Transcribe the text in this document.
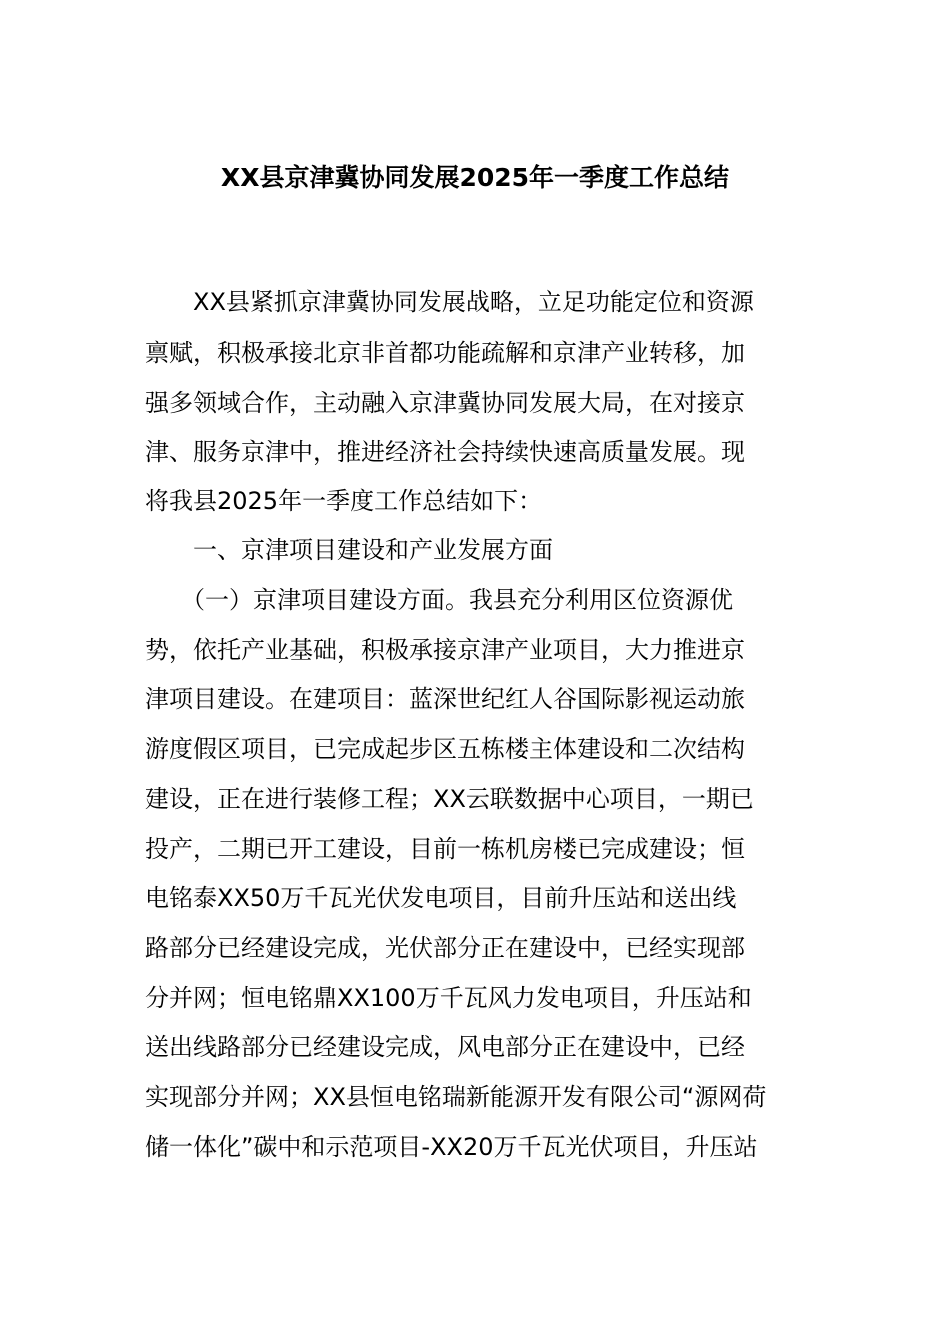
XX县京津冀协同发展2025年一季度工作总结
　　XX县紧抓京津冀协同发展战略，立足功能定位和资源
禀赋，积极承接北京非首都功能疏解和京津产业转移，加
强多领域合作，主动融入京津冀协同发展大局，在对接京
津、服务京津中，推进经济社会持续快速高质量发展。现
将我县2025年一季度工作总结如下：
　　一、京津项目建设和产业发展方面
　　（一）京津项目建设方面。我县充分利用区位资源优
势，依托产业基础，积极承接京津产业项目，大力推进京
津项目建设。在建项目：蓝深世纪红人谷国际影视运动旅
游度假区项目，已完成起步区五栋楼主体建设和二次结构
建设，正在进行装修工程；XX云联数据中心项目，一期已
投产，二期已开工建设，目前一栋机房楼已完成建设；恒
电铭泰XX50万千瓦光伏发电项目，目前升压站和送出线
路部分已经建设完成，光伏部分正在建设中，已经实现部
分并网；恒电铭鼎XX100万千瓦风力发电项目，升压站和
送出线路部分已经建设完成，风电部分正在建设中，已经
实现部分并网；XX县恒电铭瑞新能源开发有限公司“源网荷
储一体化”碳中和示范项目-XX20万千瓦光伏项目，升压站
